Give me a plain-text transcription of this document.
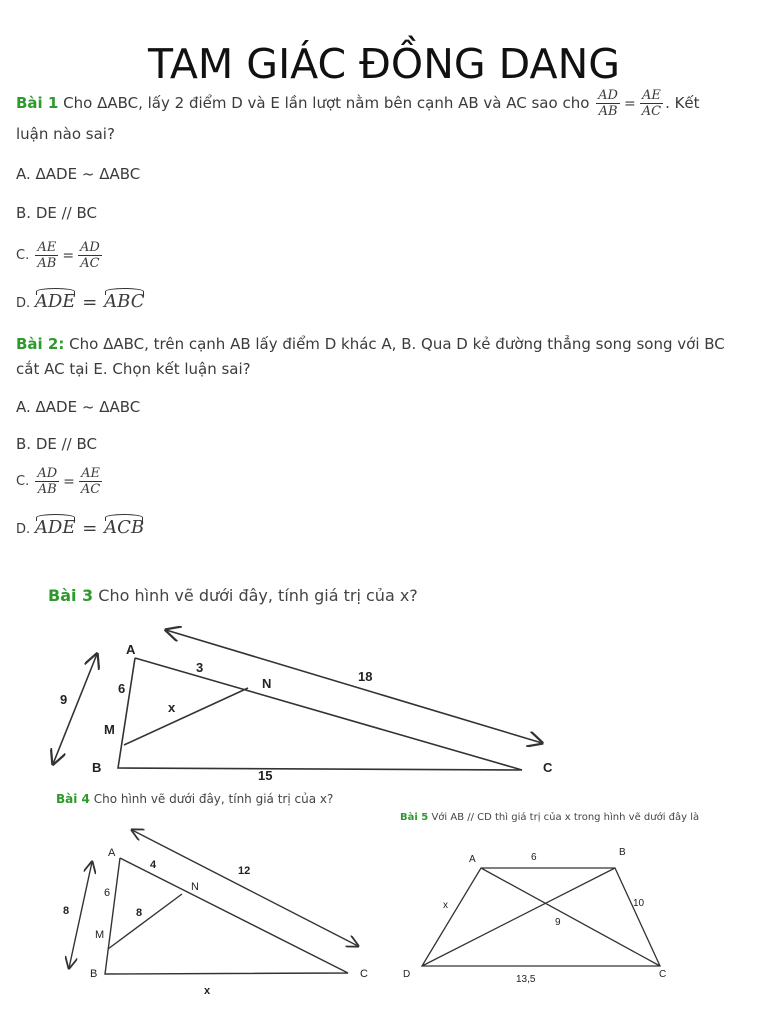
TAM GIÁC ĐỒNG DANG
Bài 1 Cho ΔABC, lấy 2 điểm D và E lần lượt nằm bên cạnh AB và AC sao cho $\frac{AD}{AB} = \frac{AE}{AC}$ . Kết
luận nào sai?
A. ΔADE ~ ΔABC
B. DE // BC
C. $\frac{AE}{AB} = \frac{AD}{AC}$
D. ADE = ABC
Bài 2: Cho ΔABC, trên cạnh AB lấy điểm D khác A, B. Qua D kẻ đường thẳng song song với BC
cắt AC tại E. Chọn kết luận sai?
A. ΔADE ~ ΔABC
B. DE // BC
C. $\frac{AD}{AB} = \frac{AE}{AC}$
D. ADE = ACB
Bài 3 Cho hình vẽ dưới đây, tính giá trị của x?
A
B	C
M
N
3
18
6
9
x
15
Bài 4 Cho hình vẽ dưới đây, tính giá trị của x?
A
B	C
M
N
4	12
6
8	8
x
Bài 5 Với AB // CD thì giá trị của x trong hình vẽ dưới đây là
A
B
C
D
6
x	10
9
13,5
